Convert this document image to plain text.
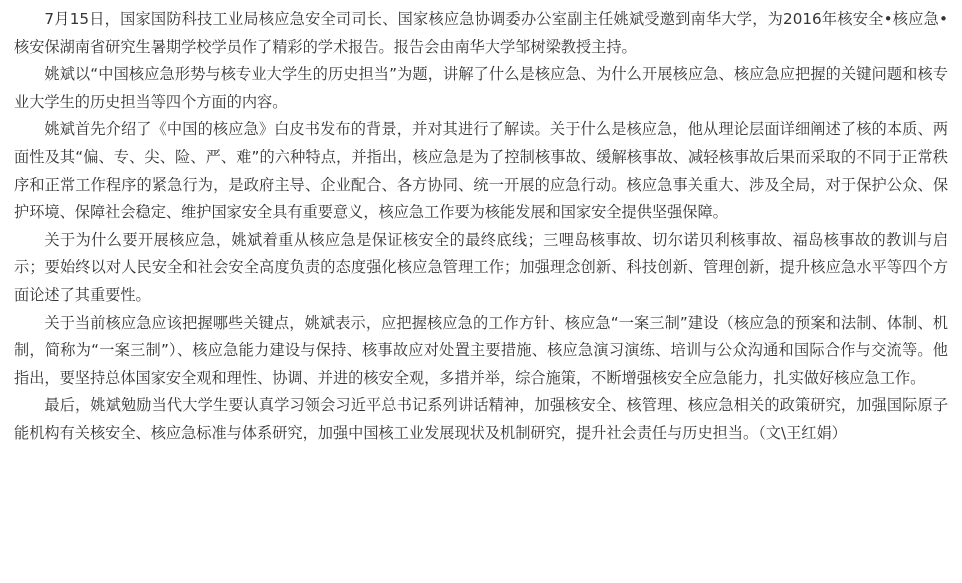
7月15日，国家国防科技工业局核应急安全司司长、国家核应急协调委办公室副主任姚斌受邀到南华大学，为2016年核安全•核应急•核安保湖南省研究生暑期学校学员作了精彩的学术报告。报告会由南华大学邹树梁教授主持。

姚斌以“中国核应急形势与核专业大学生的历史担当”为题，讲解了什么是核应急、为什么开展核应急、核应急应把握的关键问题和核专业大学生的历史担当等四个方面的内容。

姚斌首先介绍了《中国的核应急》白皮书发布的背景，并对其进行了解读。关于什么是核应急，他从理论层面详细阐述了核的本质、两面性及其“偏、专、尖、险、严、难”的六种特点，并指出，核应急是为了控制核事故、缓解核事故、减轻核事故后果而采取的不同于正常秩序和正常工作程序的紧急行为，是政府主导、企业配合、各方协同、统一开展的应急行动。核应急事关重大、涉及全局，对于保护公众、保护环境、保障社会稳定、维护国家安全具有重要意义，核应急工作要为核能发展和国家安全提供坚强保障。

关于为什么要开展核应急，姚斌着重从核应急是保证核安全的最终底线；三哩岛核事故、切尔诺贝利核事故、福岛核事故的教训与启示；要始终以对人民安全和社会安全高度负责的态度强化核应急管理工作；加强理念创新、科技创新、管理创新，提升核应急水平等四个方面论述了其重要性。

关于当前核应急应该把握哪些关键点，姚斌表示，应把握核应急的工作方针、核应急“一案三制”建设（核应急的预案和法制、体制、机制，简称为“一案三制”）、核应急能力建设与保持、核事故应对处置主要措施、核应急演习演练、培训与公众沟通和国际合作与交流等。他指出，要坚持总体国家安全观和理性、协调、并进的核安全观，多措并举，综合施策，不断增强核安全应急能力，扎实做好核应急工作。

最后，姚斌勉励当代大学生要认真学习领会习近平总书记系列讲话精神，加强核安全、核管理、核应急相关的政策研究，加强国际原子能机构有关核安全、核应急标准与体系研究，加强中国核工业发展现状及机制研究，提升社会责任与历史担当。（文\王红娟）
